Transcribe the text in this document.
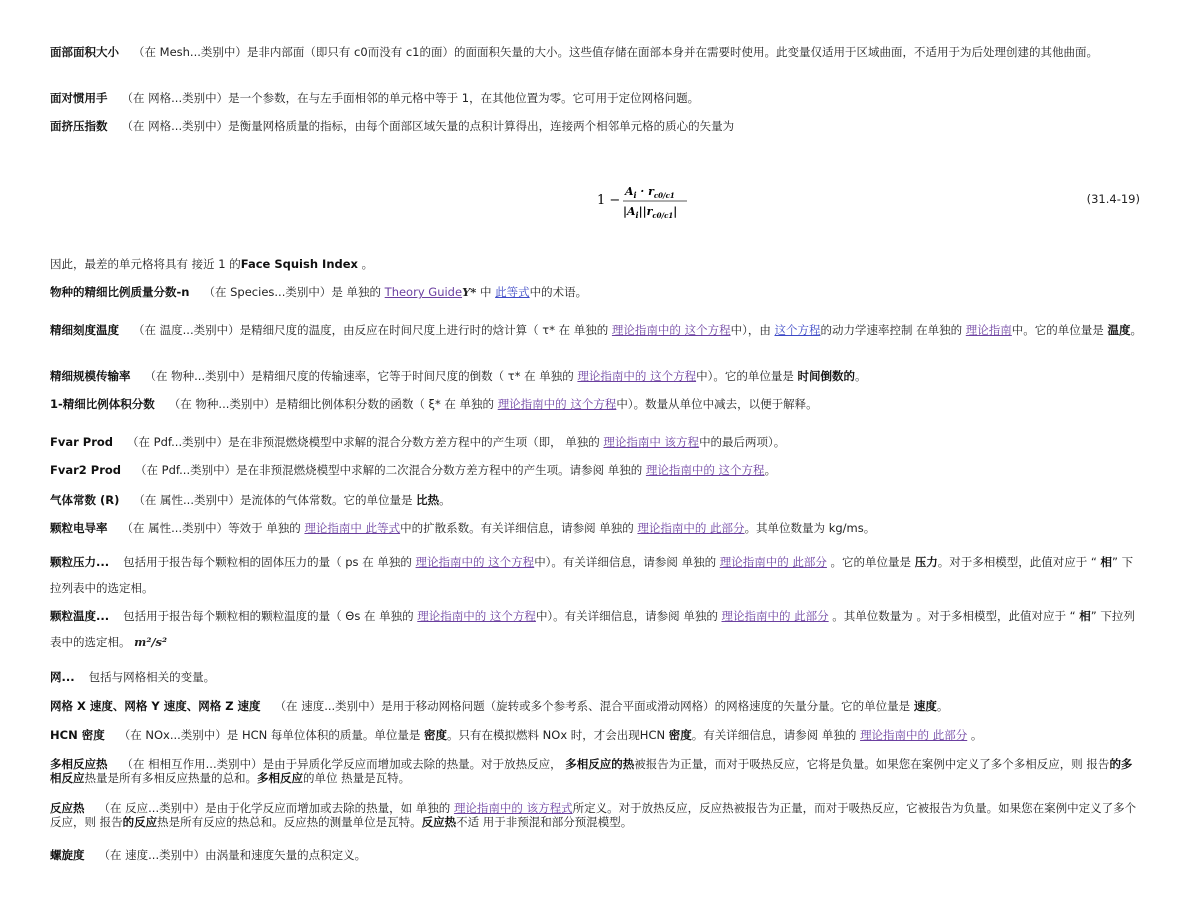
面部面积大小 （在 Mesh...类别中）是非内部面（即只有 c0而没有 c1的面）的面面积矢量的大小。这些值存储在面部本身并在需要时使用。此变量仅适用于区域曲面，不适用于为后处理创建的其他曲面。
面对惯用手 （在 网格...类别中）是一个参数，在与左手面相邻的单元格中等于 1，在其他位置为零。它可用于定位网格问题。
面挤压指数 （在 网格...类别中）是衡量网格质量的指标，由每个面部区域矢量的点积计算得出，连接两个相邻单元格的质心的矢量为
1 −
$A_i \cdot r_{c0/c1}$
$|A_i||r_{c0/c1}|$
(31.4-19)
因此，最差的单元格将具有 接近 1 的Face Squish Index 。
物种的精细比例质量分数-n （在 Species...类别中）是 单独的 Theory GuideY* 中 此等式中的术语。
精细刻度温度 （在 温度...类别中）是精细尺度的温度，由反应在时间尺度上进行时的焓计算（ τ* 在 单独的 理论指南中的 这个方程中），由 这个方程的动力学速率控制 在单独的 理论指南中。它的单位量是 温度。
精细规模传输率 （在 物种...类别中）是精细尺度的传输速率，它等于时间尺度的倒数（ τ* 在 单独的 理论指南中的 这个方程中）。它的单位量是 时间倒数的。
1-精细比例体积分数 （在 物种...类别中）是精细比例体积分数的函数（ ξ* 在 单独的 理论指南中的 这个方程中）。数量从单位中减去，以便于解释。
Fvar Prod （在 Pdf...类别中）是在非预混燃烧模型中求解的混合分数方差方程中的产生项（即， 单独的 理论指南中 该方程中的最后两项）。
Fvar2 Prod （在 Pdf...类别中）是在非预混燃烧模型中求解的二次混合分数方差方程中的产生项。请参阅 单独的 理论指南中的 这个方程。
气体常数 (R) （在 属性...类别中）是流体的气体常数。它的单位量是 比热。
颗粒电导率 （在 属性...类别中）等效于 单独的 理论指南中 此等式中的扩散系数。有关详细信息，请参阅 单独的 理论指南中的 此部分。其单位数量为 kg/ms。
颗粒压力... 包括用于报告每个颗粒相的固体压力的量（ ps 在 单独的 理论指南中的 这个方程中）。有关详细信息，请参阅 单独的 理论指南中的 此部分 。它的单位量是 压力。对于多相模型，此值对应于 “ 相” 下拉列表中的选定相。
颗粒温度... 包括用于报告每个颗粒相的颗粒温度的量（ Θs 在 单独的 理论指南中的 这个方程中）。有关详细信息，请参阅 单独的 理论指南中的 此部分 。其单位数量为 。对于多相模型，此值对应于 “ 相” 下拉列表中的选定相。 m²/s²
网... 包括与网格相关的变量。
网格 X 速度、网格 Y 速度、网格 Z 速度 （在 速度...类别中）是用于移动网格问题（旋转或多个参考系、混合平面或滑动网格）的网格速度的矢量分量。它的单位量是 速度。
HCN 密度 （在 NOx...类别中）是 HCN 每单位体积的质量。单位量是 密度。只有在模拟燃料 NOx 时，才会出现HCN 密度。有关详细信息，请参阅 单独的 理论指南中的 此部分 。
多相反应热 （在 相相互作用...类别中）是由于异质化学反应而增加或去除的热量。对于放热反应， 多相反应的热被报告为正量，而对于吸热反应，它将是负量。如果您在案例中定义了多个多相反应，则 报告的多相反应热量是所有多相反应热量的总和。多相反应的单位 热量是瓦特。
反应热 （在 反应...类别中）是由于化学反应而增加或去除的热量，如 单独的 理论指南中的 该方程式所定义。对于放热反应，反应热被报告为正量，而对于吸热反应，它被报告为负量。如果您在案例中定义了多个反应，则 报告的反应热是所有反应的热总和。反应热的测量单位是瓦特。反应热不适 用于非预混和部分预混模型。
螺旋度 （在 速度...类别中）由涡量和速度矢量的点积定义。
